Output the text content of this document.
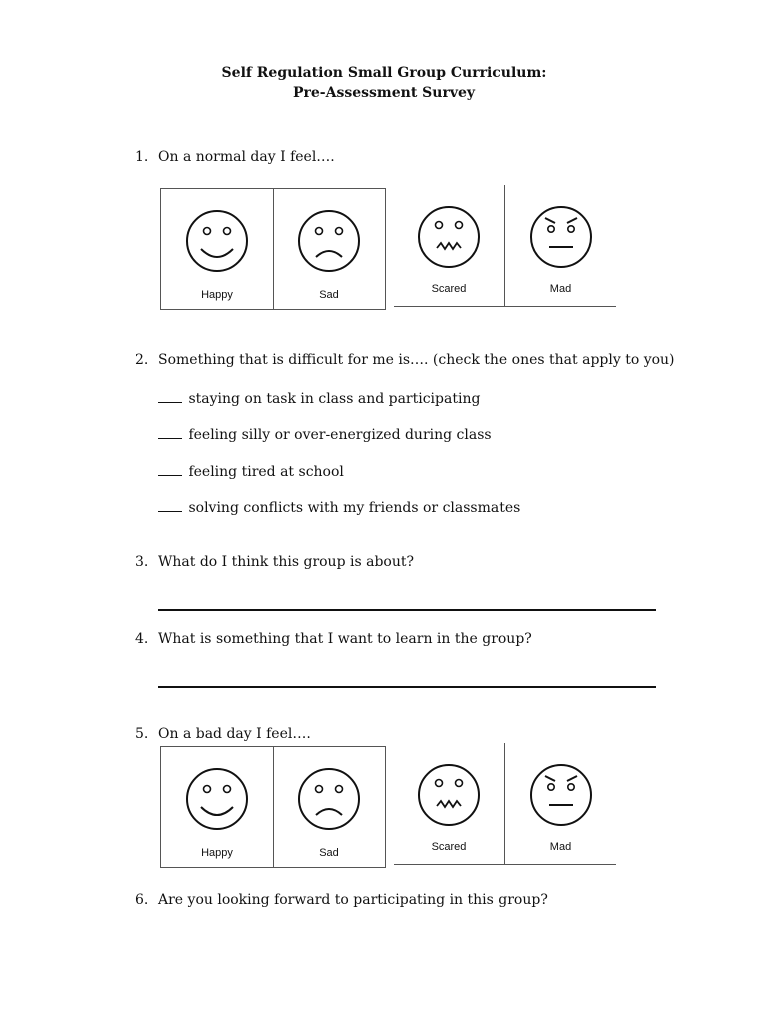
Self Regulation Small Group Curriculum:
Pre-Assessment Survey
1. On a normal day I feel….
Happy	Sad	Scared	Mad
2. Something that is difficult for me is…. (check the ones that apply to you)
staying on task in class and participating
feeling silly or over-energized during class
feeling tired at school
solving conflicts with my friends or classmates
3. What do I think this group is about?
4. What is something that I want to learn in the group?
5. On a bad day I feel….
Happy	Sad	Scared	Mad
6. Are you looking forward to participating in this group?
